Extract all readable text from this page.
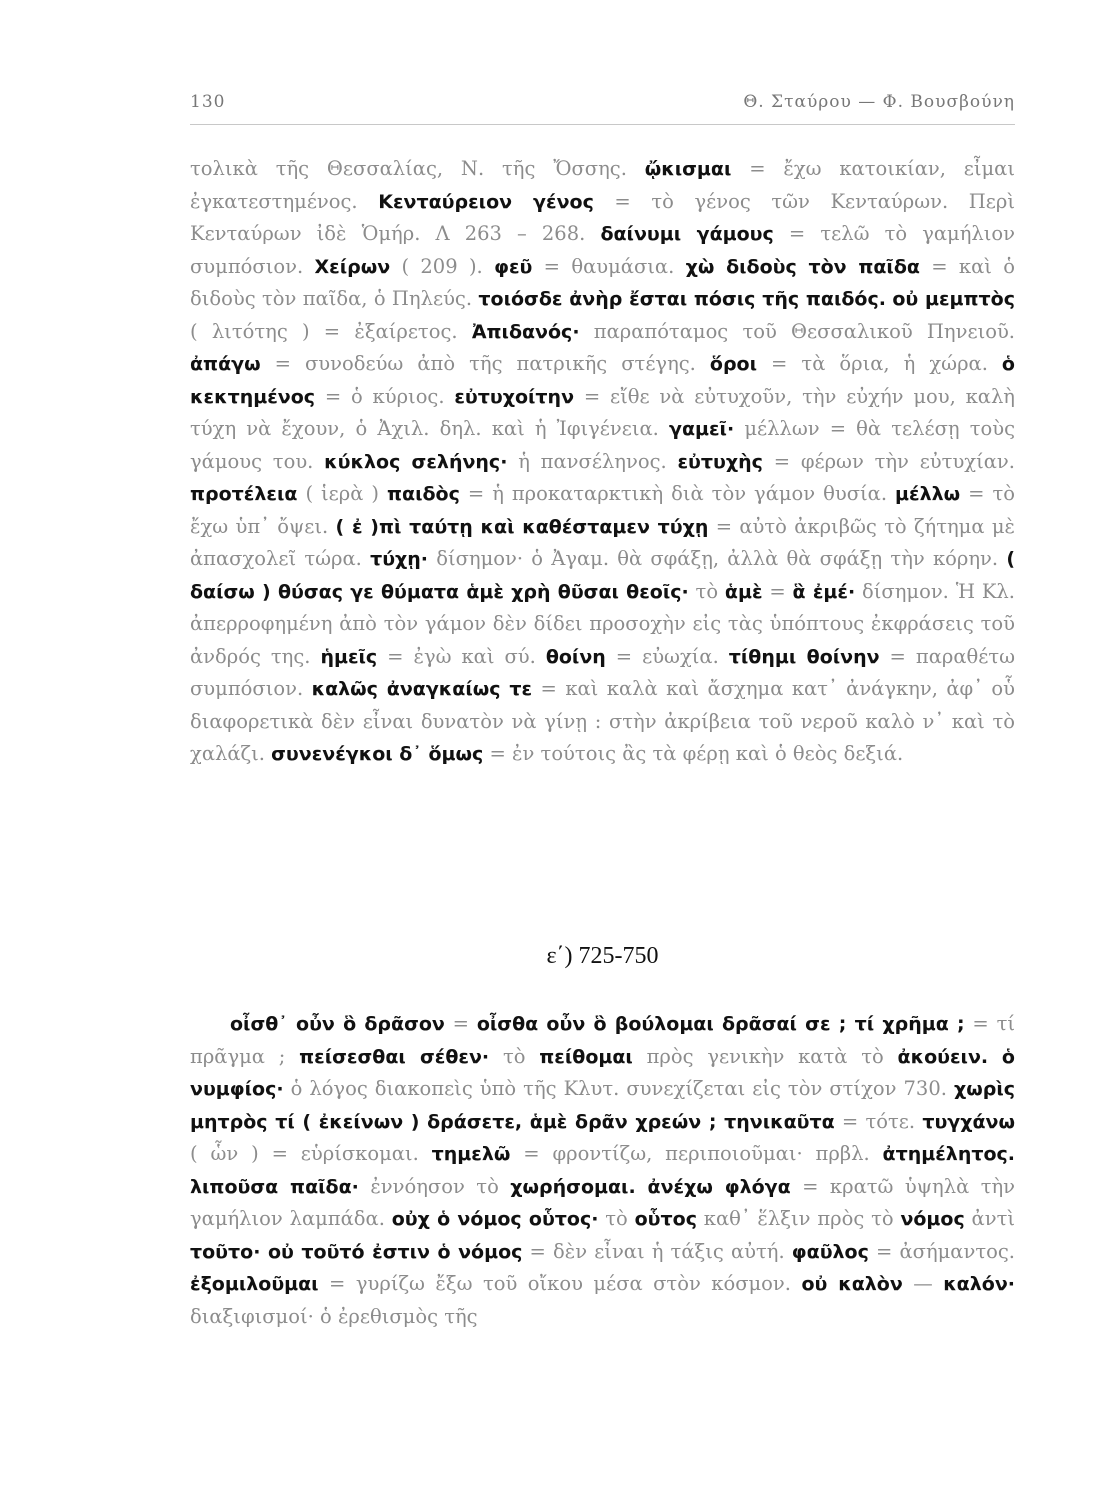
130	Θ. Σταύρου — Φ. Βουσβούνη
τολικὰ τῆς Θεσσαλίας, Ν. τῆς Ὄσσης. ᾤκισμαι = ἔχω κατοικίαν, εἶμαι ἐγκατεστημένος. Κενταύρειον γένος = τὸ γένος τῶν Κενταύρων. Περὶ Κενταύρων ἰδὲ Ὁμήρ. Λ 263 – 268. δαίνυμι γάμους = τελῶ τὸ γαμήλιον συμπόσιον. Χείρων ( 209 ). φεῦ = θαυμάσια. χὼ διδοὺς τὸν παῖδα = καὶ ὁ διδοὺς τὸν παῖδα, ὁ Πηλεύς. τοιόσδε ἀνὴρ ἔσται πόσις τῆς παιδός. οὐ μεμπτὸς ( λιτότης ) = ἐξαίρετος. Ἀπιδανός· παραπόταμος τοῦ Θεσσαλικοῦ Πηνειοῦ. ἀπάγω = συνοδεύω ἀπὸ τῆς πατρικῆς στέγης. ὅροι = τὰ ὅρια, ἡ χώρα. ὁ κεκτημένος = ὁ κύριος. εὐτυχοίτην = εἴθε νὰ εὐτυχοῦν, τὴν εὐχήν μου, καλὴ τύχη νὰ ἔχουν, ὁ Ἀχιλ. δηλ. καὶ ἡ Ἰφιγένεια. γαμεῖ· μέλλων = θὰ τελέσῃ τοὺς γάμους του. κύκλος σελήνης· ἡ πανσέληνος. εὐτυχὴς = φέρων τὴν εὐτυχίαν. προτέλεια ( ἱερὰ ) παιδὸς = ἡ προκαταρκτικὴ διὰ τὸν γάμον θυσία. μέλλω = τὸ ἔχω ὑπ᾽ ὄψει. ( ἐ )πὶ ταύτῃ καὶ καθέσταμεν τύχῃ = αὐτὸ ἀκριβῶς τὸ ζήτημα μὲ ἀπασχολεῖ τώρα. τύχῃ· δίσημον· ὁ Ἀγαμ. θὰ σφάξῃ, ἀλλὰ θὰ σφάξῃ τὴν κόρην. ( δαίσω ) θύσας γε θύματα ἁμὲ χρὴ θῦσαι θεοῖς· τὸ ἁμὲ = ἃ ἐμέ· δίσημον. Ἡ Κλ. ἀπερροφημένη ἀπὸ τὸν γάμον δὲν δίδει προσοχὴν εἰς τὰς ὑπόπτους ἐκφράσεις τοῦ ἀνδρός της. ἡμεῖς = ἐγὼ καὶ σύ. θοίνη = εὐωχία. τίθημι θοίνην = παραθέτω συμπόσιον. καλῶς ἀναγκαίως τε = καὶ καλὰ καὶ ἄσχημα κατ᾽ ἀνάγκην, ἀφ᾽ οὗ διαφορετικὰ δὲν εἶναι δυνατὸν νὰ γίνῃ : στὴν ἀκρίβεια τοῦ νεροῦ καλὸ ν᾽ καὶ τὸ χαλάζι. συνενέγκοι δ᾽ ὅμως = ἐν τούτοις ἂς τὰ φέρῃ καὶ ὁ θεὸς δεξιά.
ε΄) 725-750
οἶσθ᾽ οὖν ὃ δρᾶσον = οἶσθα οὖν ὃ βούλομαι δρᾶσαί σε ; τί χρῆμα ; = τί πρᾶγμα ; πείσεσθαι σέθεν· τὸ πείθομαι πρὸς γενικὴν κατὰ τὸ ἀκούειν. ὁ νυμφίος· ὁ λόγος διακοπεὶς ὑπὸ τῆς Κλυτ. συνεχίζεται εἰς τὸν στίχον 730. χωρὶς μητρὸς τί ( ἐκείνων ) δράσετε, ἁμὲ δρᾶν χρεών ; τηνικαῦτα = τότε. τυγχάνω ( ὧν ) = εὑρίσκομαι. τημελῶ = φροντίζω, περιποιοῦμαι· πρβλ. ἀτημέλητος. λιποῦσα παῖδα· ἐννόησον τὸ χωρήσομαι. ἀνέχω φλόγα = κρατῶ ὑψηλὰ τὴν γαμήλιον λαμπάδα. οὐχ ὁ νόμος οὗτος· τὸ οὗτος καθ᾽ ἕλξιν πρὸς τὸ νόμος ἀντὶ τοῦτο· οὐ τοῦτό ἐστιν ὁ νόμος = δὲν εἶναι ἡ τάξις αὐτή. φαῦλος = ἀσήμαντος. ἐξομιλοῦμαι = γυρίζω ἔξω τοῦ οἴκου μέσα στὸν κόσμον. οὐ καλὸν — καλόν· διαξιφισμοί· ὁ ἐρεθισμὸς τῆς
